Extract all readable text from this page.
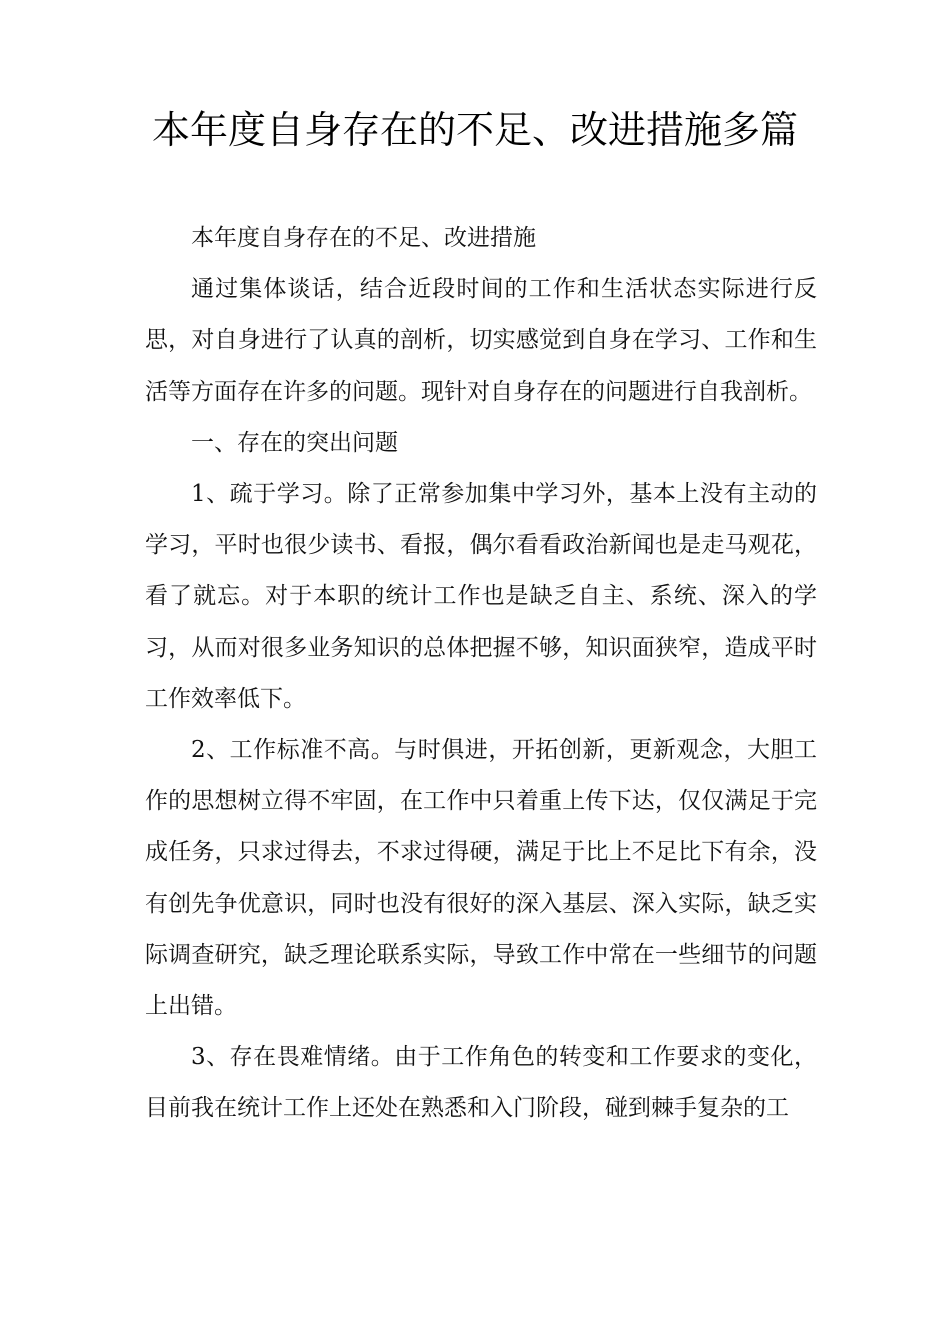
本年度自身存在的不足、改进措施多篇

本年度自身存在的不足、改进措施

通过集体谈话，结合近段时间的工作和生活状态实际进行反思，对自身进行了认真的剖析，切实感觉到自身在学习、工作和生活等方面存在许多的问题。现针对自身存在的问题进行自我剖析。

一、存在的突出问题

1、疏于学习。除了正常参加集中学习外，基本上没有主动的学习，平时也很少读书、看报，偶尔看看政治新闻也是走马观花，看了就忘。对于本职的统计工作也是缺乏自主、系统、深入的学习，从而对很多业务知识的总体把握不够，知识面狭窄，造成平时工作效率低下。

2、工作标准不高。与时俱进，开拓创新，更新观念，大胆工作的思想树立得不牢固，在工作中只着重上传下达，仅仅满足于完成任务，只求过得去，不求过得硬，满足于比上不足比下有余，没有创先争优意识，同时也没有很好的深入基层、深入实际，缺乏实际调查研究，缺乏理论联系实际，导致工作中常在一些细节的问题上出错。

3、存在畏难情绪。由于工作角色的转变和工作要求的变化，目前我在统计工作上还处在熟悉和入门阶段，碰到棘手复杂的工
